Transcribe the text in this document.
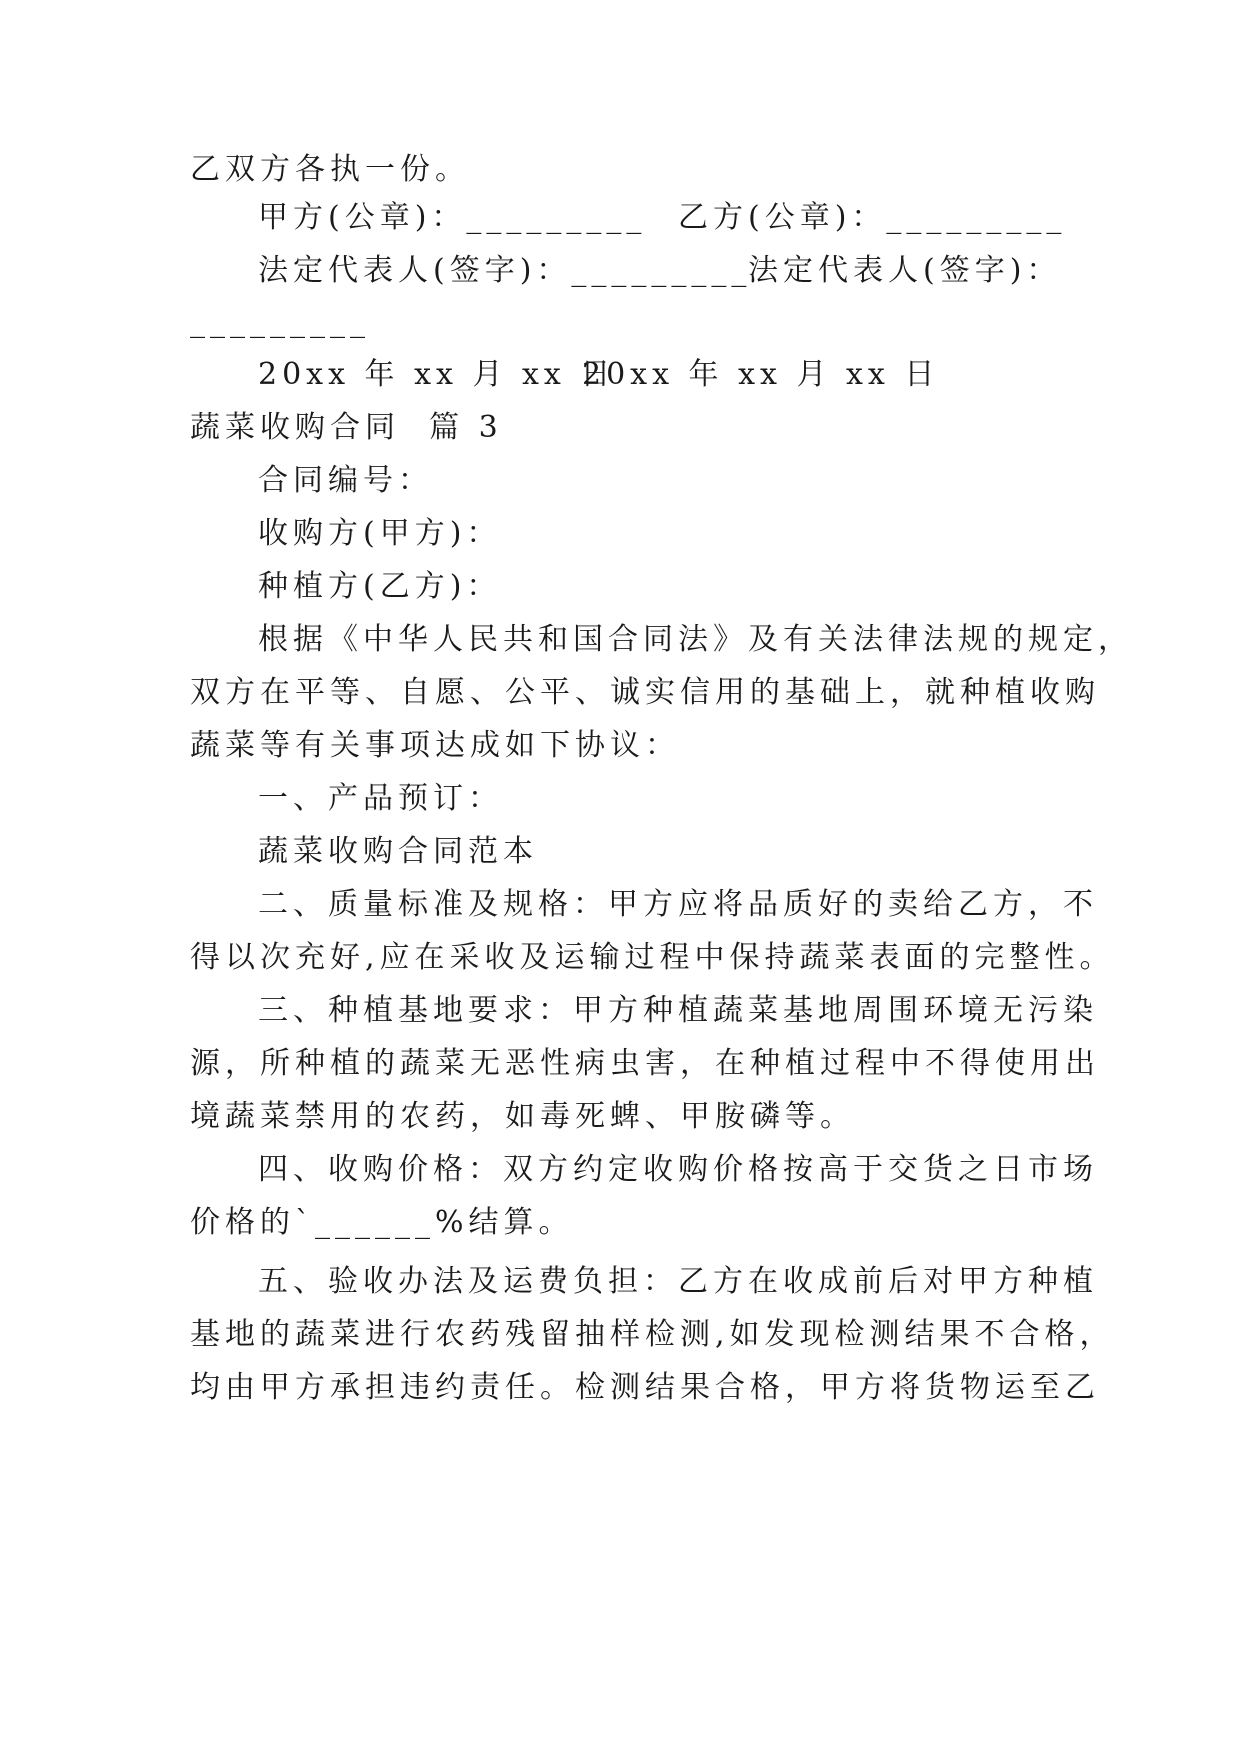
乙双方各执一份。
甲方(公章)：_________ 乙方(公章)：_________
法定代表人(签字)：_________
法定代表人(签字)：
_________
20xx 年 xx 月 xx 日
20xx 年 xx 月 xx 日
蔬菜收购合同  篇 3
合同编号：
收购方(甲方)：
种植方(乙方)：
根据《中华人民共和国合同法》及有关法律法规的规定，
双方在平等、自愿、公平、诚实信用的基础上，就种植收购
蔬菜等有关事项达成如下协议：
一、产品预订：
蔬菜收购合同范本
二、质量标准及规格：甲方应将品质好的卖给乙方，不
得以次充好,应在采收及运输过程中保持蔬菜表面的完整性。
三、种植基地要求：甲方种植蔬菜基地周围环境无污染
源，所种植的蔬菜无恶性病虫害，在种植过程中不得使用出
境蔬菜禁用的农药，如毒死蜱、甲胺磷等。
四、收购价格：双方约定收购价格按高于交货之日市场
价格的`______%结算。
五、验收办法及运费负担：乙方在收成前后对甲方种植
基地的蔬菜进行农药残留抽样检测,如发现检测结果不合格，
均由甲方承担违约责任。检测结果合格，甲方将货物运至乙
